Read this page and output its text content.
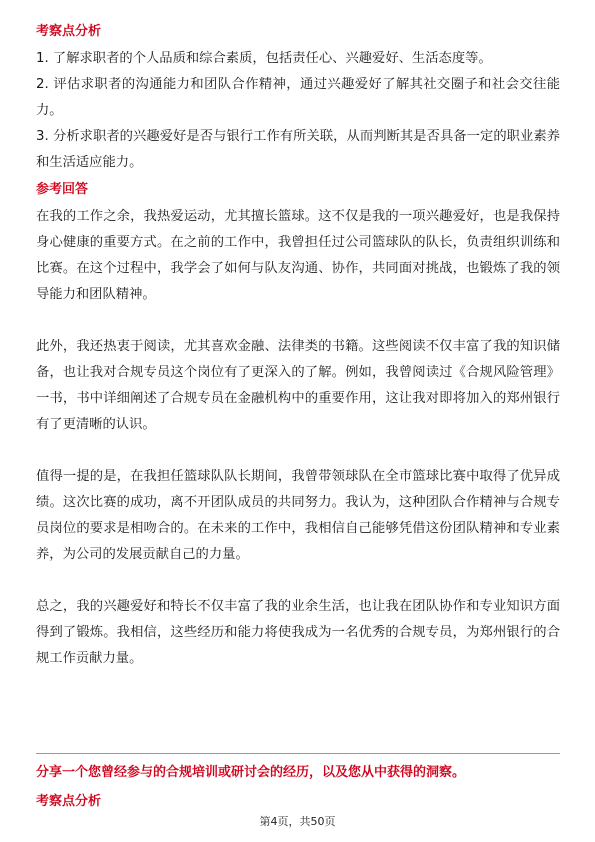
考察点分析

1. 了解求职者的个人品质和综合素质，包括责任心、兴趣爱好、生活态度等。

2. 评估求职者的沟通能力和团队合作精神，通过兴趣爱好了解其社交圈子和社会交往能力。

3. 分析求职者的兴趣爱好是否与银行工作有所关联，从而判断其是否具备一定的职业素养和生活适应能力。

参考回答

在我的工作之余，我热爱运动，尤其擅长篮球。这不仅是我的一项兴趣爱好，也是我保持身心健康的重要方式。在之前的工作中，我曾担任过公司篮球队的队长，负责组织训练和比赛。在这个过程中，我学会了如何与队友沟通、协作，共同面对挑战，也锻炼了我的领导能力和团队精神。

此外，我还热衷于阅读，尤其喜欢金融、法律类的书籍。这些阅读不仅丰富了我的知识储备，也让我对合规专员这个岗位有了更深入的了解。例如，我曾阅读过《合规风险管理》一书，书中详细阐述了合规专员在金融机构中的重要作用，这让我对即将加入的郑州银行有了更清晰的认识。

值得一提的是，在我担任篮球队队长期间，我曾带领球队在全市篮球比赛中取得了优异成绩。这次比赛的成功，离不开团队成员的共同努力。我认为，这种团队合作精神与合规专员岗位的要求是相吻合的。在未来的工作中，我相信自己能够凭借这份团队精神和专业素养，为公司的发展贡献自己的力量。

总之，我的兴趣爱好和特长不仅丰富了我的业余生活，也让我在团队协作和专业知识方面得到了锻炼。我相信，这些经历和能力将使我成为一名优秀的合规专员，为郑州银行的合规工作贡献力量。

分享一个您曾经参与的合规培训或研讨会的经历，以及您从中获得的洞察。
考察点分析
第4页，共50页
